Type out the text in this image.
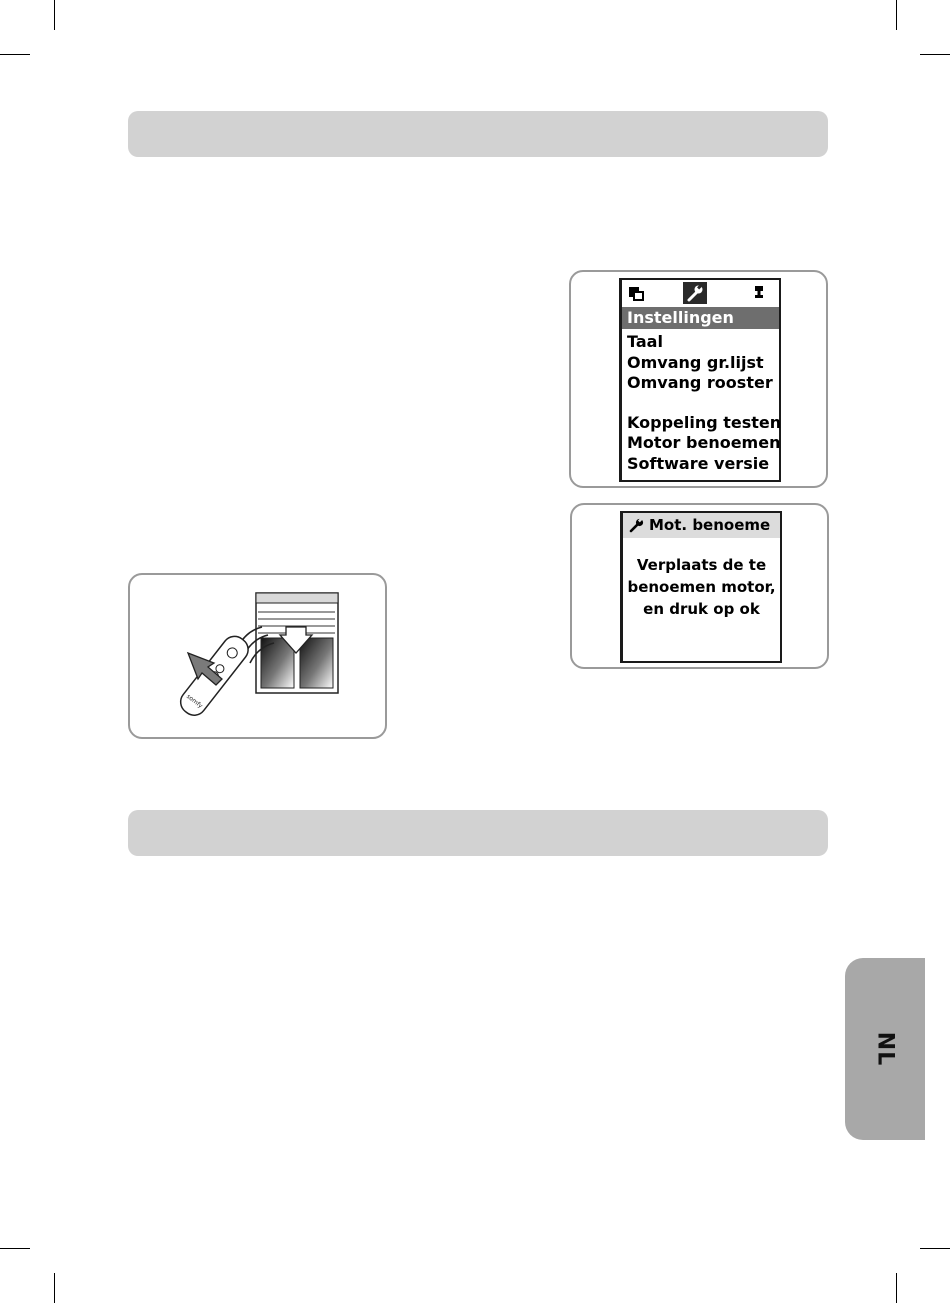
Instellingen
Taal
Omvang gr.lijst
Omvang rooster
Koppeling testen
Motor benoemen
Software versie
Mot. benoeme
Verplaats de te
benoemen motor,
en druk op ok
somfy
NL
